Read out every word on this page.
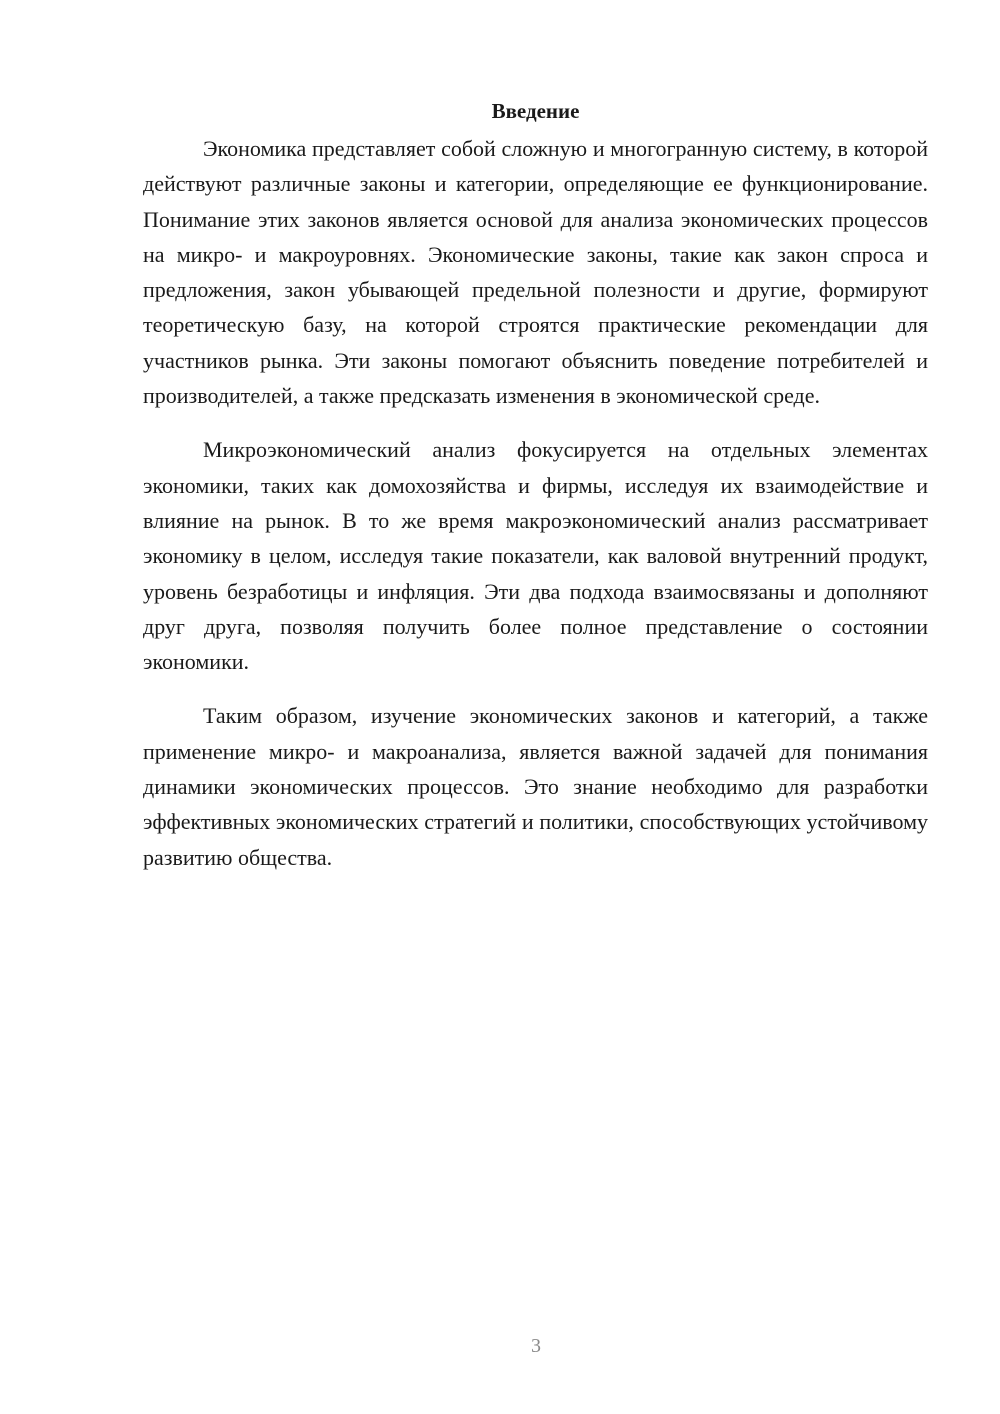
Введение

Экономика представляет собой сложную и многогранную систему, в которой действуют различные законы и категории, определяющие ее функционирование. Понимание этих законов является основой для анализа экономических процессов на микро- и макроуровнях. Экономические законы, такие как закон спроса и предложения, закон убывающей предельной полезности и другие, формируют теоретическую базу, на которой строятся практические рекомендации для участников рынка. Эти законы помогают объяснить поведение потребителей и производителей, а также предсказать изменения в экономической среде.

Микроэкономический анализ фокусируется на отдельных элементах экономики, таких как домохозяйства и фирмы, исследуя их взаимодействие и влияние на рынок. В то же время макроэкономический анализ рассматривает экономику в целом, исследуя такие показатели, как валовой внутренний продукт, уровень безработицы и инфляция. Эти два подхода взаимосвязаны и дополняют друг друга, позволяя получить более полное представление о состоянии экономики.

Таким образом, изучение экономических законов и категорий, а также применение микро- и макроанализа, является важной задачей для понимания динамики экономических процессов. Это знание необходимо для разработки эффективных экономических стратегий и политики, способствующих устойчивому развитию общества.

3
